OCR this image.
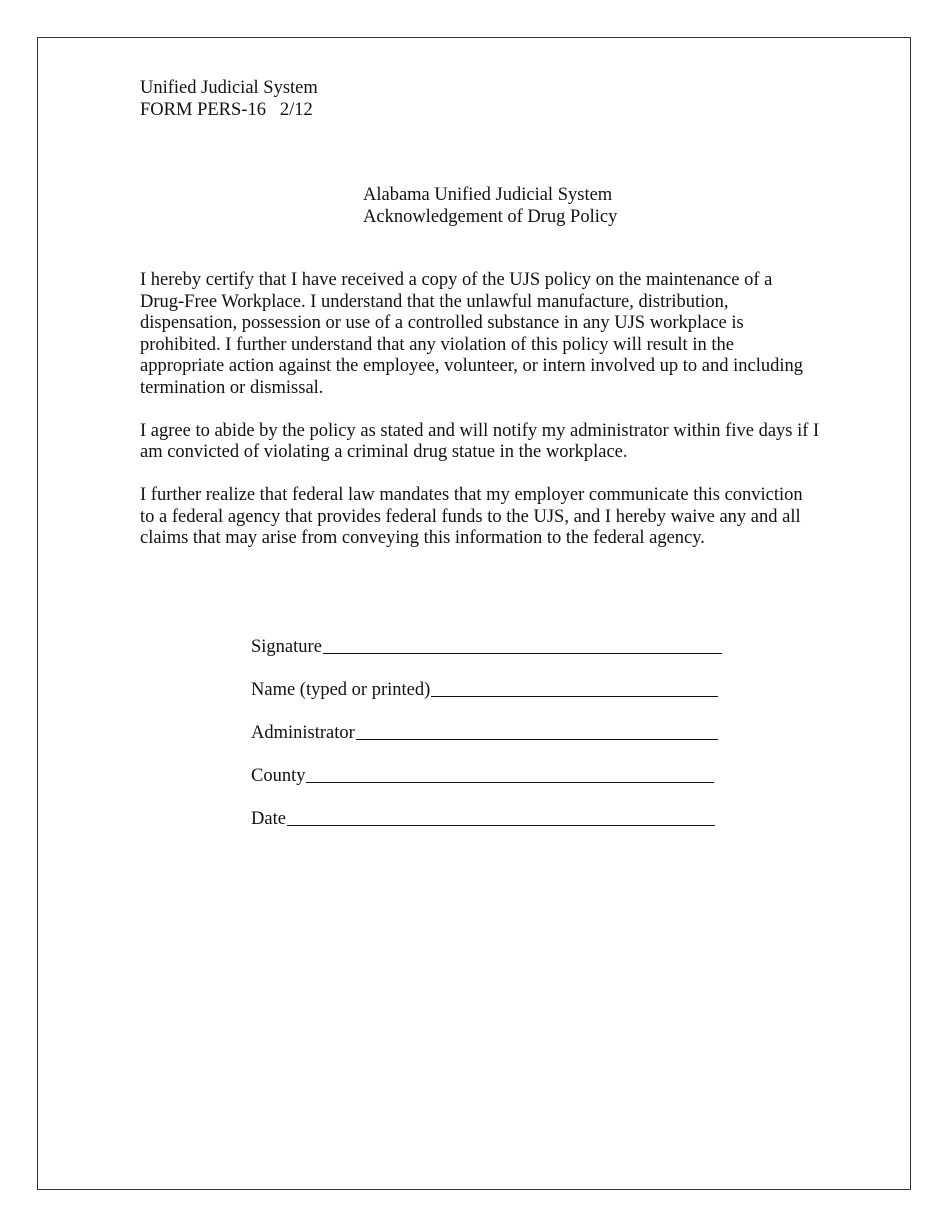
Unified Judicial System
FORM PERS-16   2/12
Alabama Unified Judicial System
Acknowledgement of Drug Policy

I hereby certify that I have received a copy of the UJS policy on the maintenance of a Drug-Free Workplace. I understand that the unlawful manufacture, distribution, dispensation, possession or use of a controlled substance in any UJS workplace is prohibited. I further understand that any violation of this policy will result in the appropriate action against the employee, volunteer, or intern involved up to and including termination or dismissal.

I agree to abide by the policy as stated and will notify my administrator within five days if I am convicted of violating a criminal drug statue in the workplace.

I further realize that federal law mandates that my employer communicate this conviction to a federal agency that provides federal funds to the UJS, and I hereby waive any and all claims that may arise from conveying this information to the federal agency.

Signature
Name (typed or printed)
Administrator
County
Date
